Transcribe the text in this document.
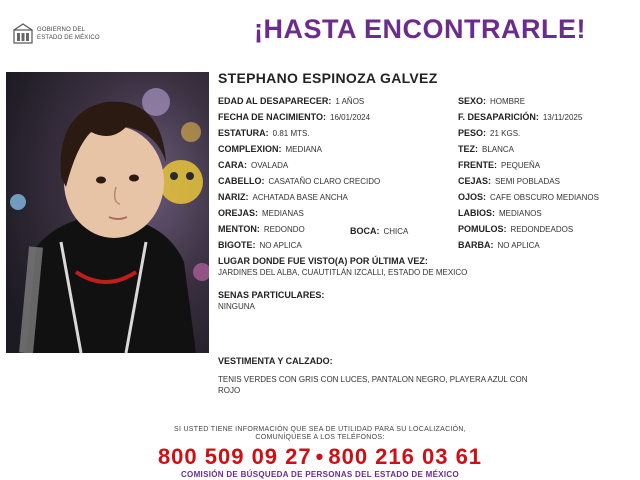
GOBIERNO DEL
ESTADO DE MÉXICO	¡HASTA ENCONTRARLE!
STEPHANO ESPINOZA GALVEZ
EDAD AL DESAPARECER: 1 AÑOS
FECHA DE NACIMIENTO: 16/01/2024
ESTATURA: 0.81 MTS.
COMPLEXION: MEDIANA
CARA: OVALADA
CABELLO: CASATAÑO CLARO CRECIDO
NARIZ: ACHATADA BASE ANCHA
OREJAS: MEDIANAS
MENTON: REDONDO	BOCA: CHICA
BIGOTE: NO APLICA
SEXO: HOMBRE
F. DESAPARICIÓN: 13/11/2025
PESO: 21 KGS.
TEZ: BLANCA
FRENTE: PEQUEÑA
CEJAS: SEMI POBLADAS
OJOS: CAFE OBSCURO MEDIANOS
LABIOS: MEDIANOS
POMULOS: REDONDEADOS
BARBA: NO APLICA
LUGAR DONDE FUE VISTO(A) POR ÚLTIMA VEZ:
JARDINES DEL ALBA, CUAUTITLÁN IZCALLI, ESTADO DE MEXICO
SENAS PARTICULARES:
NINGUNA
VESTIMENTA Y CALZADO:
TENIS VERDES CON GRIS CON LUCES, PANTALON NEGRO, PLAYERA AZUL CON
ROJO
SI USTED TIENE INFORMACIÓN QUE SEA DE UTILIDAD PARA SU LOCALIZACIÓN,
COMUNÍQUESE A LOS TELÉFONOS:
800 509 09 27 • 800 216 03 61
COMISIÓN DE BÚSQUEDA DE PERSONAS DEL ESTADO DE MÉXICO
